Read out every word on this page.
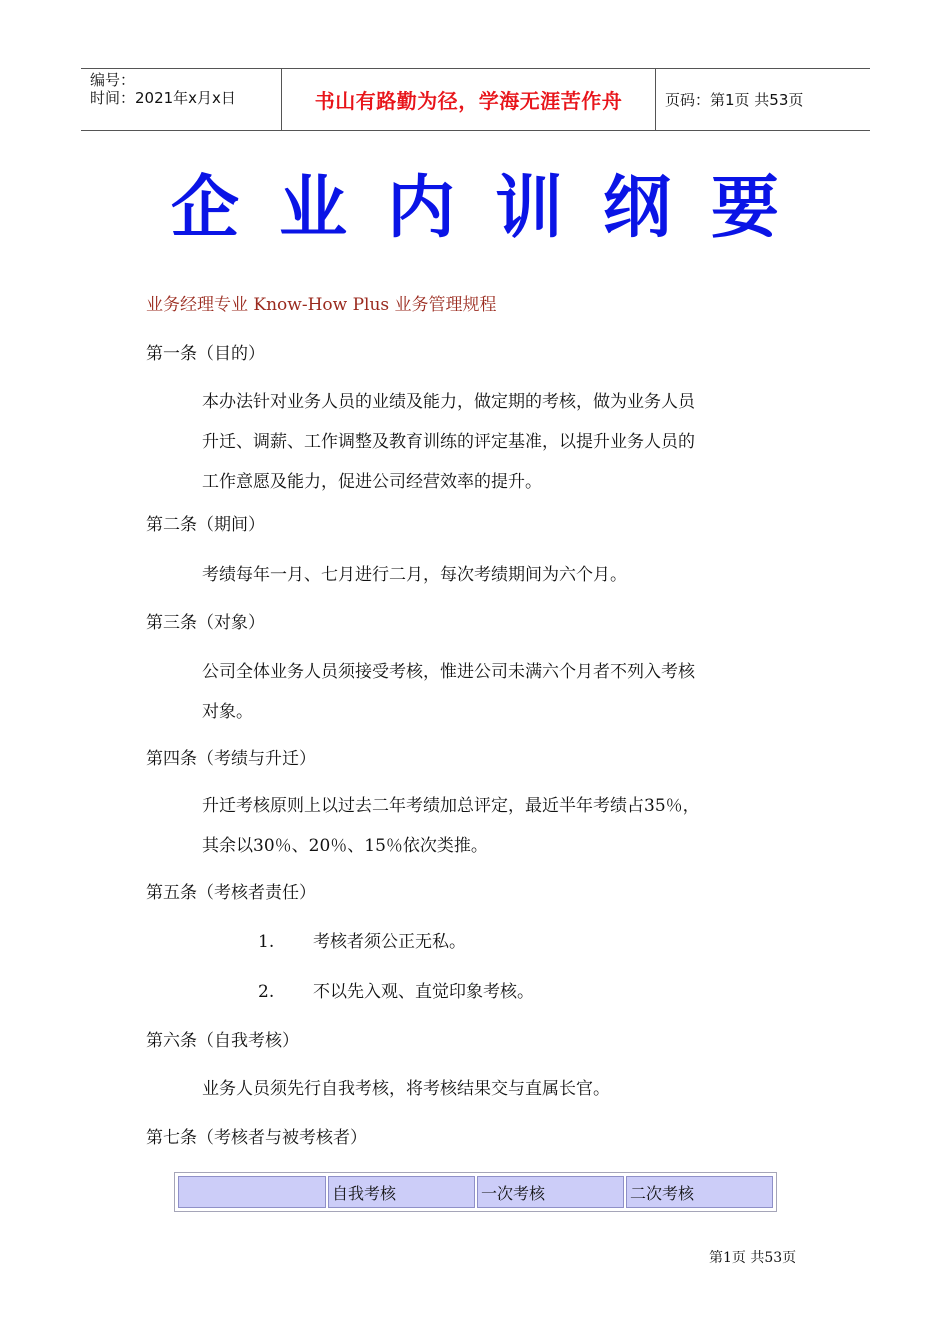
编号：
时间：2021年x月x日	书山有路勤为径，学海无涯苦作舟	页码：第1页 共53页
企业内训纲要
业务经理专业 Know-How Plus 业务管理规程
第一条（目的）
本办法针对业务人员的业绩及能力，做定期的考核，做为业务人员
升迁、调薪、工作调整及教育训练的评定基准，以提升业务人员的
工作意愿及能力，促进公司经营效率的提升。
第二条（期间）
考绩每年一月、七月进行二月，每次考绩期间为六个月。
第三条（对象）
公司全体业务人员须接受考核，惟进公司未满六个月者不列入考核
对象。
第四条（考绩与升迁）
升迁考核原则上以过去二年考绩加总评定，最近半年考绩占35％，
其余以30％、20％、15％依次类推。
第五条（考核者责任）
1. 考核者须公正无私。
2. 不以先入观、直觉印象考核。
第六条（自我考核）
业务人员须先行自我考核，将考核结果交与直属长官。
第七条（考核者与被考核者）
自我考核	一次考核	二次考核
第1页 共53页
